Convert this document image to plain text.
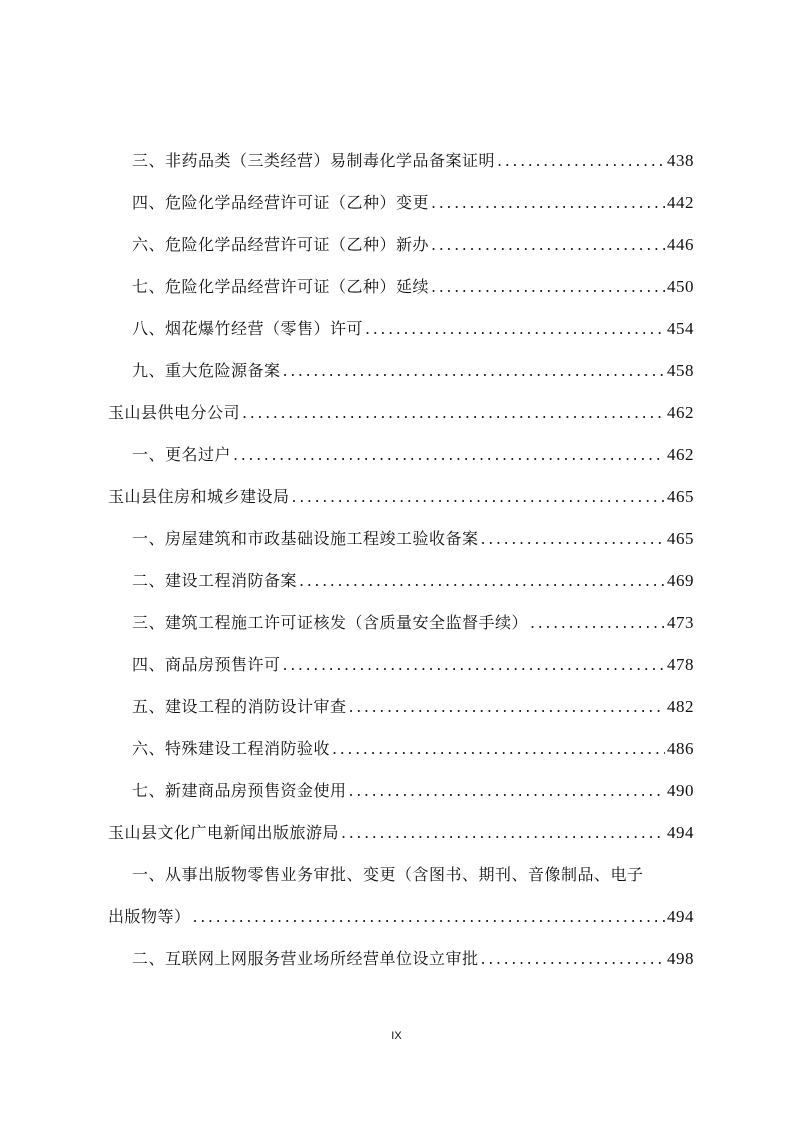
三、非药品类（三类经营）易制毒化学品备案证明 .....	438
四、危险化学品经营许可证（乙种）变更 .....	442
六、危险化学品经营许可证（乙种）新办 .....	446
七、危险化学品经营许可证（乙种）延续 .....	450
八、烟花爆竹经营（零售）许可 .....	454
九、重大危险源备案 .....	458
玉山县供电分公司 .....	462
一、更名过户 .....	462
玉山县住房和城乡建设局 .....	465
一、房屋建筑和市政基础设施工程竣工验收备案 .....	465
二、建设工程消防备案 .....	469
三、建筑工程施工许可证核发（含质量安全监督手续） .....	473
四、商品房预售许可 .....	478
五、建设工程的消防设计审查 .....	482
六、特殊建设工程消防验收 .....	486
七、新建商品房预售资金使用 .....	490
玉山县文化广电新闻出版旅游局 .....	494
一、从事出版物零售业务审批、变更（含图书、期刊、音像制品、电子
出版物等） .....	494
二、互联网上网服务营业场所经营单位设立审批 .....	498
IX
